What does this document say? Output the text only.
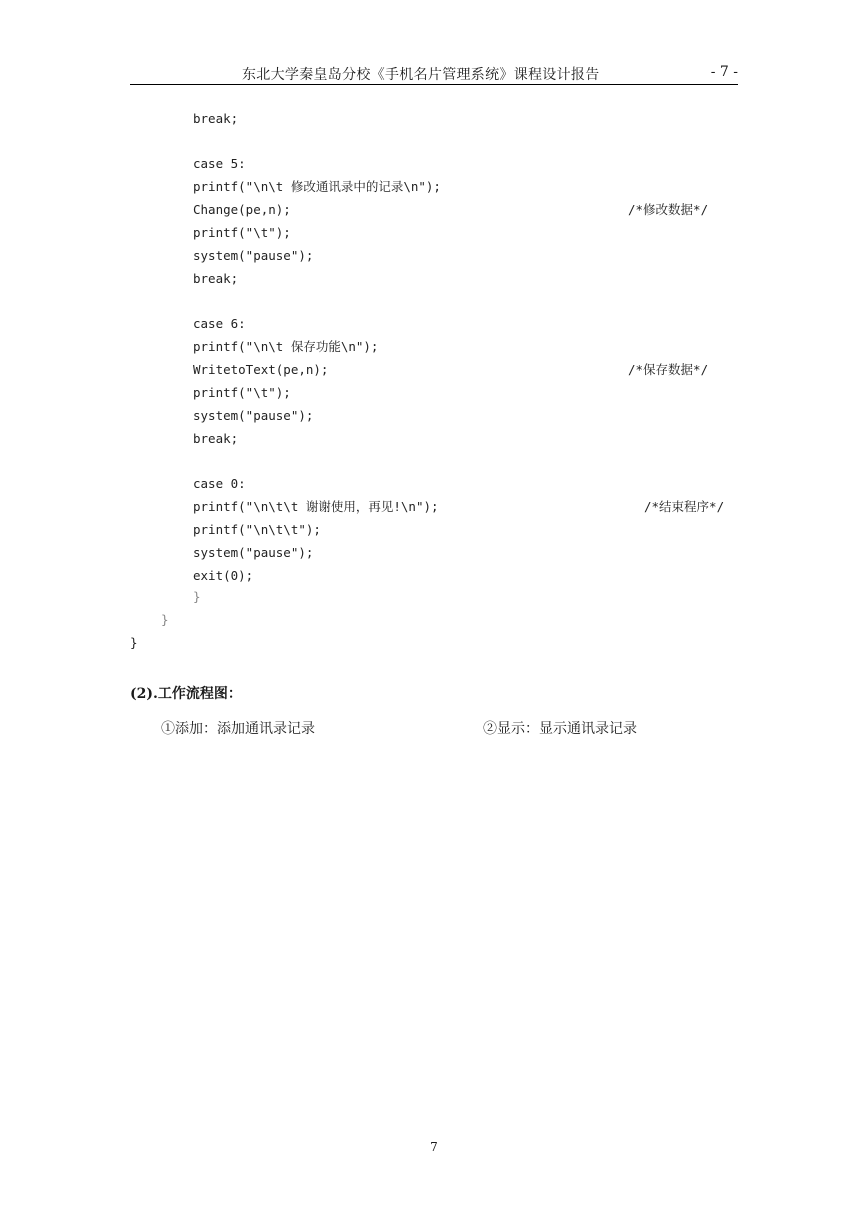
东北大学秦皇岛分校《手机名片管理系统》课程设计报告	- 7 -
break;
case 5:
printf("\n\t 修改通讯录中的记录\n");
Change(pe,n);	/*修改数据*/
printf("\t");
system("pause");
break;
case 6:
printf("\n\t 保存功能\n");
WritetoText(pe,n);	/*保存数据*/
printf("\t");
system("pause");
break;
case 0:
printf("\n\t\t 谢谢使用，再见!\n");	/*结束程序*/
printf("\n\t\t");
system("pause");
exit(0);
}
}
}
(2).工作流程图：
①添加：添加通讯录记录	②显示：显示通讯录记录
7
